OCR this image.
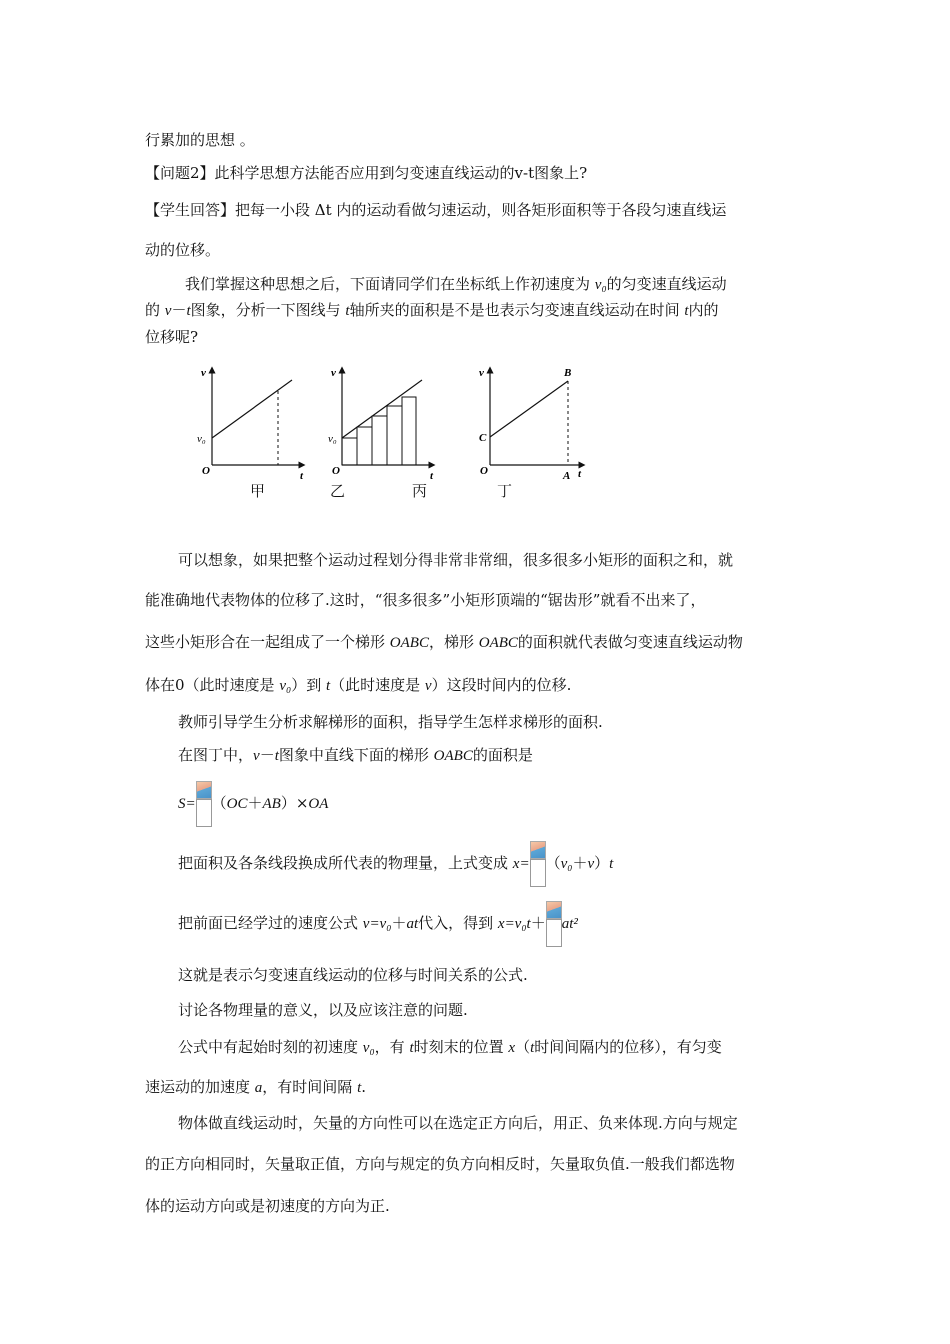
行累加的思想 。
【问题2】此科学思想方法能否应用到匀变速直线运动的v-t图象上?
【学生回答】把每一小段 Δt 内的运动看做匀速运动，则各矩形面积等于各段匀速直线运
动的位移。
我们掌握这种思想之后，下面请同学们在坐标纸上作初速度为 v₀的匀变速直线运动
的 v－t图象，分析一下图线与 t轴所夹的面积是不是也表示匀变速直线运动在时间 t内的
位移呢?
v
t
O
v₀
v
t
O
v₀
v
t
O
B
C
A
甲	乙	丙	丁
可以想象，如果把整个运动过程划分得非常非常细，很多很多小矩形的面积之和，就
能准确地代表物体的位移了.这时，“很多很多”小矩形顶端的“锯齿形”就看不出来了，
这些小矩形合在一起组成了一个梯形 OABC，梯形 OABC的面积就代表做匀变速直线运动物
体在0（此时速度是 v₀）到 t（此时速度是 v）这段时间内的位移.
教师引导学生分析求解梯形的面积，指导学生怎样求梯形的面积.
在图丁中，v－t图象中直线下面的梯形 OABC的面积是
S= （OC＋AB）×OA
把面积及各条线段换成所代表的物理量，上式变成 x= （v₀＋v）t
把前面已经学过的速度公式 v=v₀＋at代入，得到 x=v₀t＋ at²
这就是表示匀变速直线运动的位移与时间关系的公式.
讨论各物理量的意义，以及应该注意的问题.
公式中有起始时刻的初速度 v₀，有 t时刻末的位置 x（t时间间隔内的位移），有匀变
速运动的加速度 a，有时间间隔 t.
物体做直线运动时，矢量的方向性可以在选定正方向后，用正、负来体现.方向与规定
的正方向相同时，矢量取正值，方向与规定的负方向相反时，矢量取负值.一般我们都选物
体的运动方向或是初速度的方向为正.
